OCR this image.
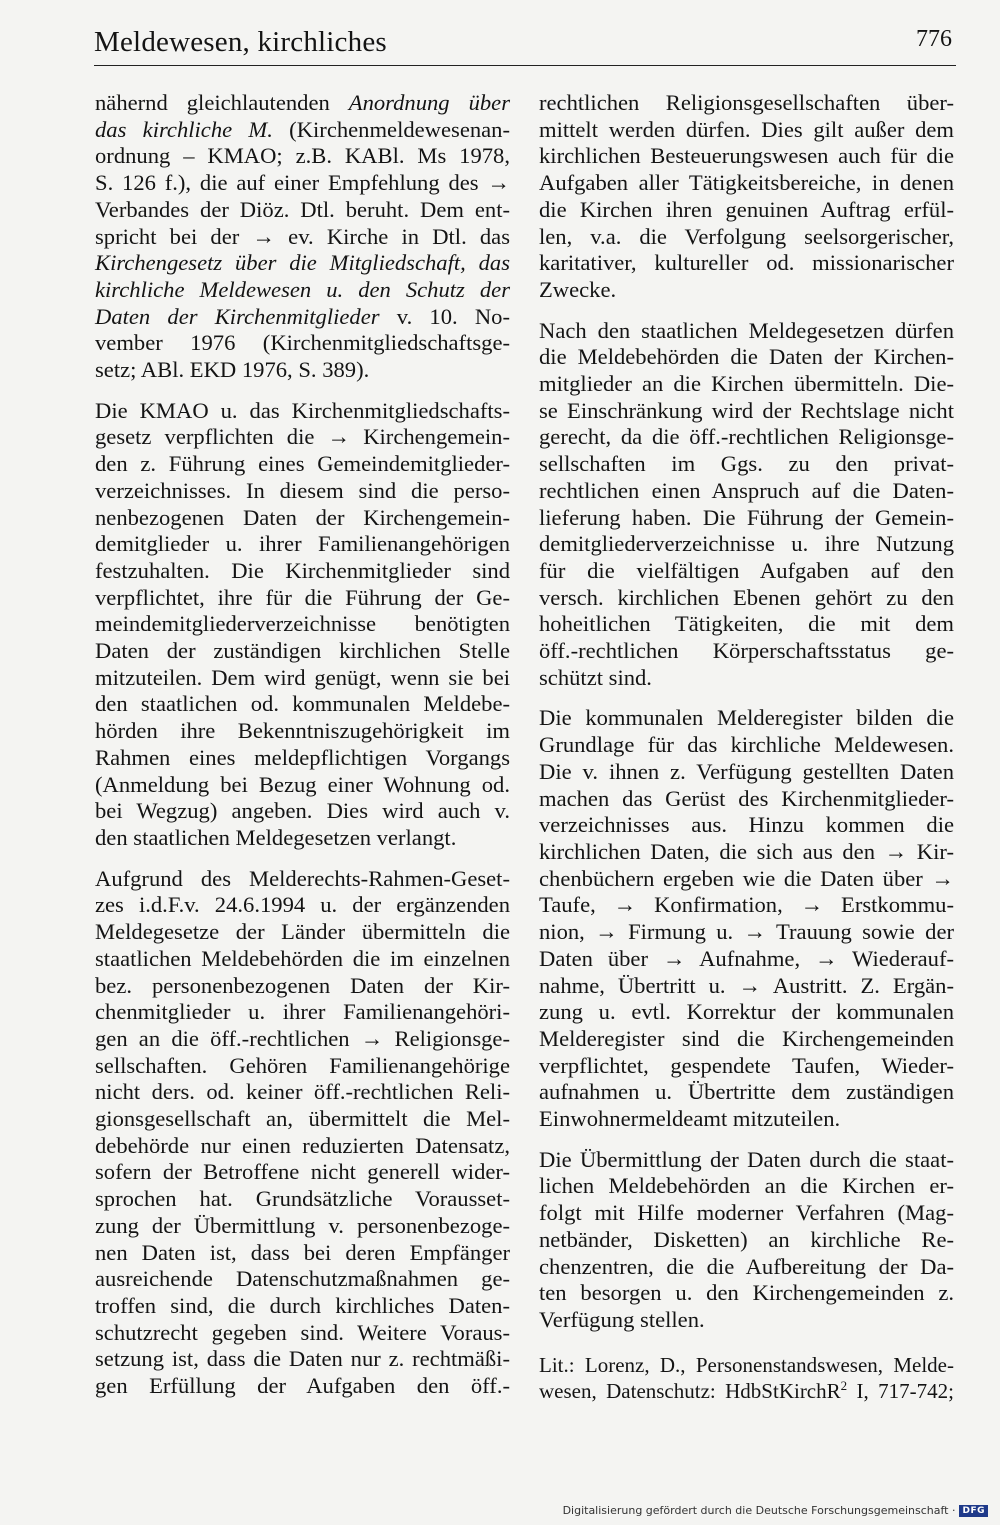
Meldewesen, kirchliches	776

nähernd gleichlautenden Anordnung über
das kirchliche M. (Kirchenmeldewesenan-
ordnung – KMAO; z.B. KABl. Ms 1978,
S. 126 f.), die auf einer Empfehlung des →
Verbandes der Diöz. Dtl. beruht. Dem ent-
spricht bei der → ev. Kirche in Dtl. das
Kirchengesetz über die Mitgliedschaft, das
kirchliche Meldewesen u. den Schutz der
Daten der Kirchenmitglieder v. 10. No-
vember 1976 (Kirchenmitgliedschaftsge-
setz; ABl. EKD 1976, S. 389).

Die KMAO u. das Kirchenmitgliedschafts-
gesetz verpflichten die → Kirchengemein-
den z. Führung eines Gemeindemitglieder-
verzeichnisses. In diesem sind die perso-
nenbezogenen Daten der Kirchengemein-
demitglieder u. ihrer Familienangehörigen
festzuhalten. Die Kirchenmitglieder sind
verpflichtet, ihre für die Führung der Ge-
meindemitgliederverzeichnisse benötigten
Daten der zuständigen kirchlichen Stelle
mitzuteilen. Dem wird genügt, wenn sie bei
den staatlichen od. kommunalen Meldebe-
hörden ihre Bekenntniszugehörigkeit im
Rahmen eines meldepflichtigen Vorgangs
(Anmeldung bei Bezug einer Wohnung od.
bei Wegzug) angeben. Dies wird auch v.
den staatlichen Meldegesetzen verlangt.

Aufgrund des Melderechts-Rahmen-Geset-
zes i.d.F.v. 24.6.1994 u. der ergänzenden
Meldegesetze der Länder übermitteln die
staatlichen Meldebehörden die im einzelnen
bez. personenbezogenen Daten der Kir-
chenmitglieder u. ihrer Familienangehöri-
gen an die öff.-rechtlichen → Religionsge-
sellschaften. Gehören Familienangehörige
nicht ders. od. keiner öff.-rechtlichen Reli-
gionsgesellschaft an, übermittelt die Mel-
debehörde nur einen reduzierten Datensatz,
sofern der Betroffene nicht generell wider-
sprochen hat. Grundsätzliche Vorausset-
zung der Übermittlung v. personenbezoge-
nen Daten ist, dass bei deren Empfänger
ausreichende Datenschutzmaßnahmen ge-
troffen sind, die durch kirchliches Daten-
schutzrecht gegeben sind. Weitere Voraus-
setzung ist, dass die Daten nur z. rechtmäßi-
gen Erfüllung der Aufgaben den öff.-

rechtlichen Religionsgesellschaften über-
mittelt werden dürfen. Dies gilt außer dem
kirchlichen Besteuerungswesen auch für die
Aufgaben aller Tätigkeitsbereiche, in denen
die Kirchen ihren genuinen Auftrag erfül-
len, v.a. die Verfolgung seelsorgerischer,
karitativer, kultureller od. missionarischer
Zwecke.

Nach den staatlichen Meldegesetzen dürfen
die Meldebehörden die Daten der Kirchen-
mitglieder an die Kirchen übermitteln. Die-
se Einschränkung wird der Rechtslage nicht
gerecht, da die öff.-rechtlichen Religionsge-
sellschaften im Ggs. zu den privat-
rechtlichen einen Anspruch auf die Daten-
lieferung haben. Die Führung der Gemein-
demitgliederverzeichnisse u. ihre Nutzung
für die vielfältigen Aufgaben auf den
versch. kirchlichen Ebenen gehört zu den
hoheitlichen Tätigkeiten, die mit dem
öff.-rechtlichen Körperschaftsstatus ge-
schützt sind.

Die kommunalen Melderegister bilden die
Grundlage für das kirchliche Meldewesen.
Die v. ihnen z. Verfügung gestellten Daten
machen das Gerüst des Kirchenmitglieder-
verzeichnisses aus. Hinzu kommen die
kirchlichen Daten, die sich aus den → Kir-
chenbüchern ergeben wie die Daten über →
Taufe, → Konfirmation, → Erstkommu-
nion, → Firmung u. → Trauung sowie der
Daten über → Aufnahme, → Wiederauf-
nahme, Übertritt u. → Austritt. Z. Ergän-
zung u. evtl. Korrektur der kommunalen
Melderegister sind die Kirchengemeinden
verpflichtet, gespendete Taufen, Wieder-
aufnahmen u. Übertritte dem zuständigen
Einwohnermeldeamt mitzuteilen.

Die Übermittlung der Daten durch die staat-
lichen Meldebehörden an die Kirchen er-
folgt mit Hilfe moderner Verfahren (Mag-
netbänder, Disketten) an kirchliche Re-
chenzentren, die die Aufbereitung der Da-
ten besorgen u. den Kirchengemeinden z.
Verfügung stellen.

Lit.: Lorenz, D., Personenstandswesen, Melde-
wesen, Datenschutz: HdbStKirchR$^2$ I, 717-742;
Digitalisierung gefördert durch die Deutsche Forschungsgemeinschaft · DFG
